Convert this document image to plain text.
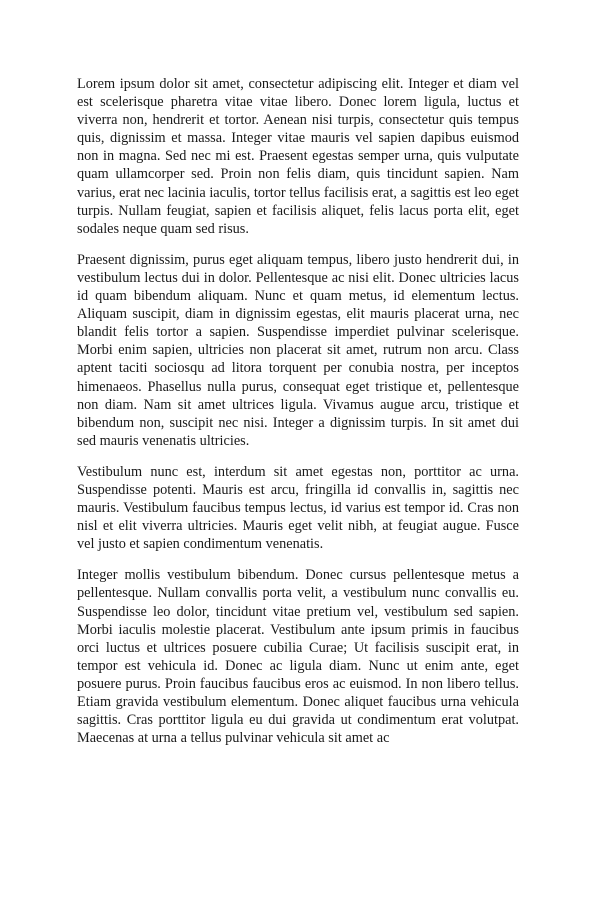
Lorem ipsum dolor sit amet, consectetur adipiscing elit. Integer et diam vel est scelerisque pharetra vitae vitae libero. Donec lorem ligula, luctus et viverra non, hendrerit et tortor. Aenean nisi turpis, consectetur quis tempus quis, dignissim et massa. Integer vitae mauris vel sapien dapibus euismod non in magna. Sed nec mi est. Praesent egestas semper urna, quis vulputate quam ullamcorper sed. Proin non felis diam, quis tincidunt sapien. Nam varius, erat nec lacinia iaculis, tortor tellus facilisis erat, a sagittis est leo eget turpis. Nullam feugiat, sapien et facilisis aliquet, felis lacus porta elit, eget sodales neque quam sed risus.

Praesent dignissim, purus eget aliquam tempus, libero justo hendrerit dui, in vestibulum lectus dui in dolor. Pellentesque ac nisi elit. Donec ultricies lacus id quam bibendum aliquam. Nunc et quam metus, id elementum lectus. Aliquam suscipit, diam in dignissim egestas, elit mauris placerat urna, nec blandit felis tortor a sapien. Suspendisse imperdiet pulvinar scelerisque. Morbi enim sapien, ultricies non placerat sit amet, rutrum non arcu. Class aptent taciti sociosqu ad litora torquent per conubia nostra, per inceptos himenaeos. Phasellus nulla purus, consequat eget tristique et, pellentesque non diam. Nam sit amet ultrices ligula. Vivamus augue arcu, tristique et bibendum non, suscipit nec nisi. Integer a dignissim turpis. In sit amet dui sed mauris venenatis ultricies.

Vestibulum nunc est, interdum sit amet egestas non, porttitor ac urna. Suspendisse potenti. Mauris est arcu, fringilla id convallis in, sagittis nec mauris. Vestibulum faucibus tempus lectus, id varius est tempor id. Cras non nisl et elit viverra ultricies. Mauris eget velit nibh, at feugiat augue. Fusce vel justo et sapien condimentum venenatis.

Integer mollis vestibulum bibendum. Donec cursus pellentesque metus a pellentesque. Nullam convallis porta velit, a vestibulum nunc convallis eu. Suspendisse leo dolor, tincidunt vitae pretium vel, vestibulum sed sapien. Morbi iaculis molestie placerat. Vestibulum ante ipsum primis in faucibus orci luctus et ultrices posuere cubilia Curae; Ut facilisis suscipit erat, in tempor est vehicula id. Donec ac ligula diam. Nunc ut enim ante, eget posuere purus. Proin faucibus faucibus eros ac euismod. In non libero tellus. Etiam gravida vestibulum elementum. Donec aliquet faucibus urna vehicula sagittis. Cras porttitor ligula eu dui gravida ut condimentum erat volutpat. Maecenas at urna a tellus pulvinar vehicula sit amet ac
